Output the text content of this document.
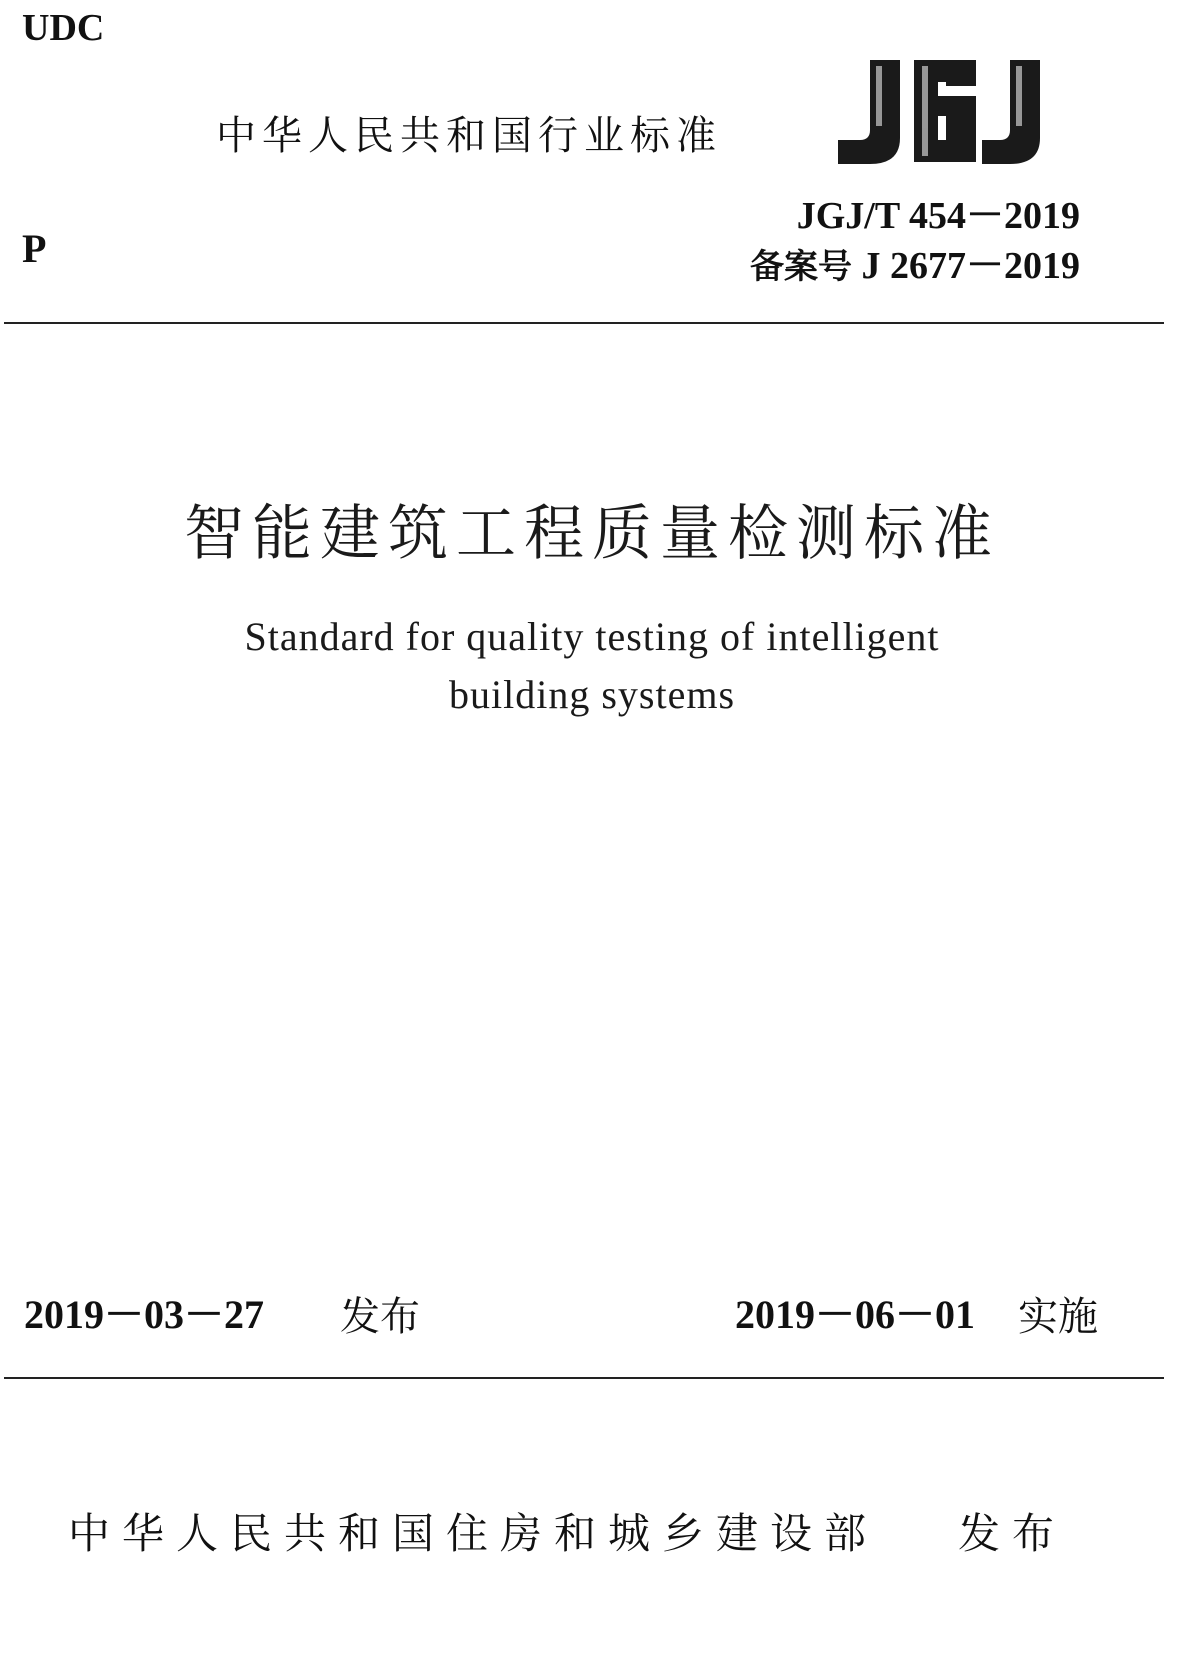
UDC
P
中华人民共和国行业标准
JGJ/T 454－2019
备案号 J 2677－2019
智能建筑工程质量检测标准
Standard for quality testing of intelligent
building systems
2019－03－27 发布	2019－06－01 实施
中华人民共和国住房和城乡建设部 发布
